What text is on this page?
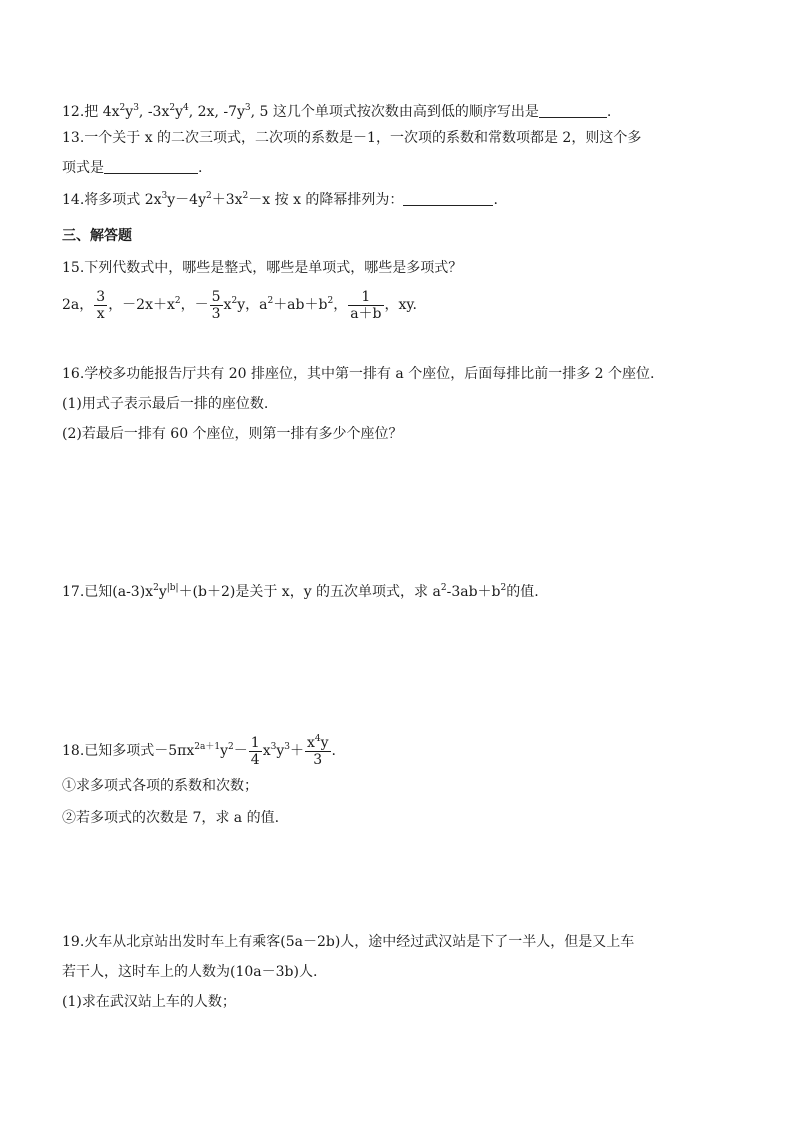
12.把 $4x^2y^3$, $-3x^2y^4$, 2x, $-7y^3$, 5 这几个单项式按次数由高到低的顺序写出是	.
13.一个关于 x 的二次三项式，二次项的系数是－1，一次项的系数和常数项都是 2，则这个多
项式是	.
14.将多项式 $2x^3y-4y^2+3x^2-x$ 按 x 的降幂排列为：	.
三、解答题
15.下列代数式中，哪些是整式，哪些是单项式，哪些是多项式？
2a， $\frac{3}{x}$ ，$-2x+x^2$，－ $\frac{5}{3} x^2y$，$a^2+ab+b^2$， $\frac{1}{a+b}$ ，xy.
16.学校多功能报告厅共有 20 排座位，其中第一排有 a 个座位，后面每排比前一排多 2 个座位.
(1)用式子表示最后一排的座位数.
(2)若最后一排有 60 个座位，则第一排有多少个座位？
17.已知$(a-3)x^2y^{|b|}+(b+2)$是关于 x，y 的五次单项式，求 $a^2-3ab+b^2$的值.
18.已知多项式$-5\pi x^{2a+1}y^2- \frac{1}{4} x^3y^3+ \frac{x^4y}{3}$ .
①求多项式各项的系数和次数；
②若多项式的次数是 7，求 a 的值.
19.火车从北京站出发时车上有乘客(5a－2b)人，途中经过武汉站是下了一半人，但是又上车
若干人，这时车上的人数为(10a－3b)人.
(1)求在武汉站上车的人数；
